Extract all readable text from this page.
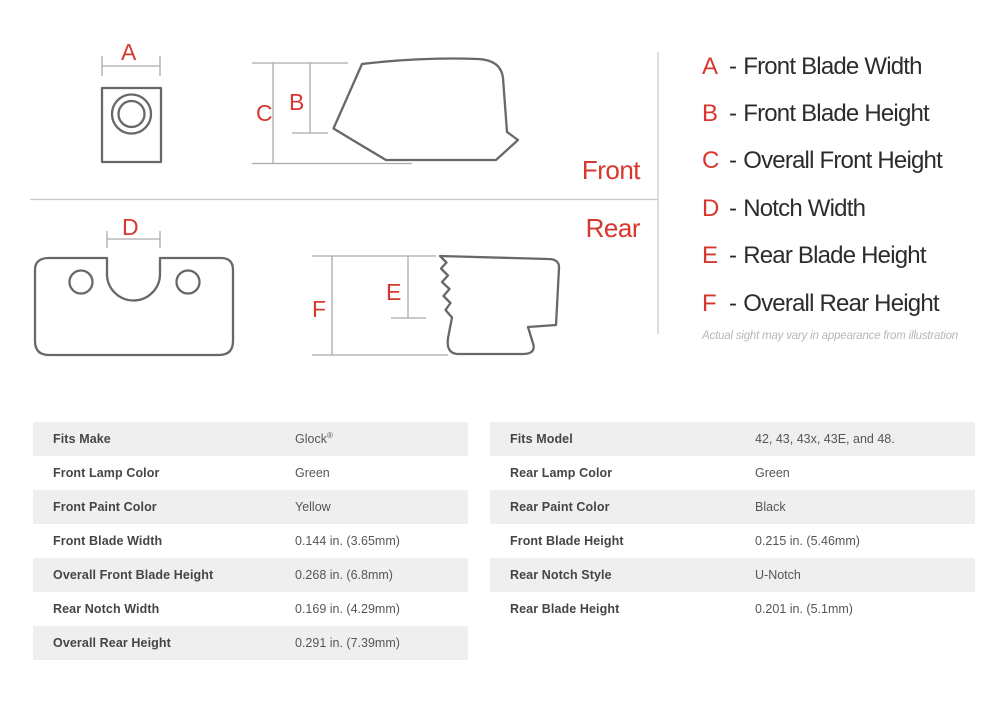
A
B
C
D
E
F
Front
Rear
A - Front Blade Width
B - Front Blade Height
C - Overall Front Height
D - Notch Width
E - Rear Blade Height
F - Overall Rear Height
Actual sight may vary in appearance from illustration
Fits Make	Glock®
Front Lamp Color	Green
Front Paint Color	Yellow
Front Blade Width	0.144 in. (3.65mm)
Overall Front Blade Height	0.268 in. (6.8mm)
Rear Notch Width	0.169 in. (4.29mm)
Overall Rear Height	0.291 in. (7.39mm)
Fits Model	42, 43, 43x, 43E, and 48.
Rear Lamp Color	Green
Rear Paint Color	Black
Front Blade Height	0.215 in. (5.46mm)
Rear Notch Style	U-Notch
Rear Blade Height	0.201 in. (5.1mm)
